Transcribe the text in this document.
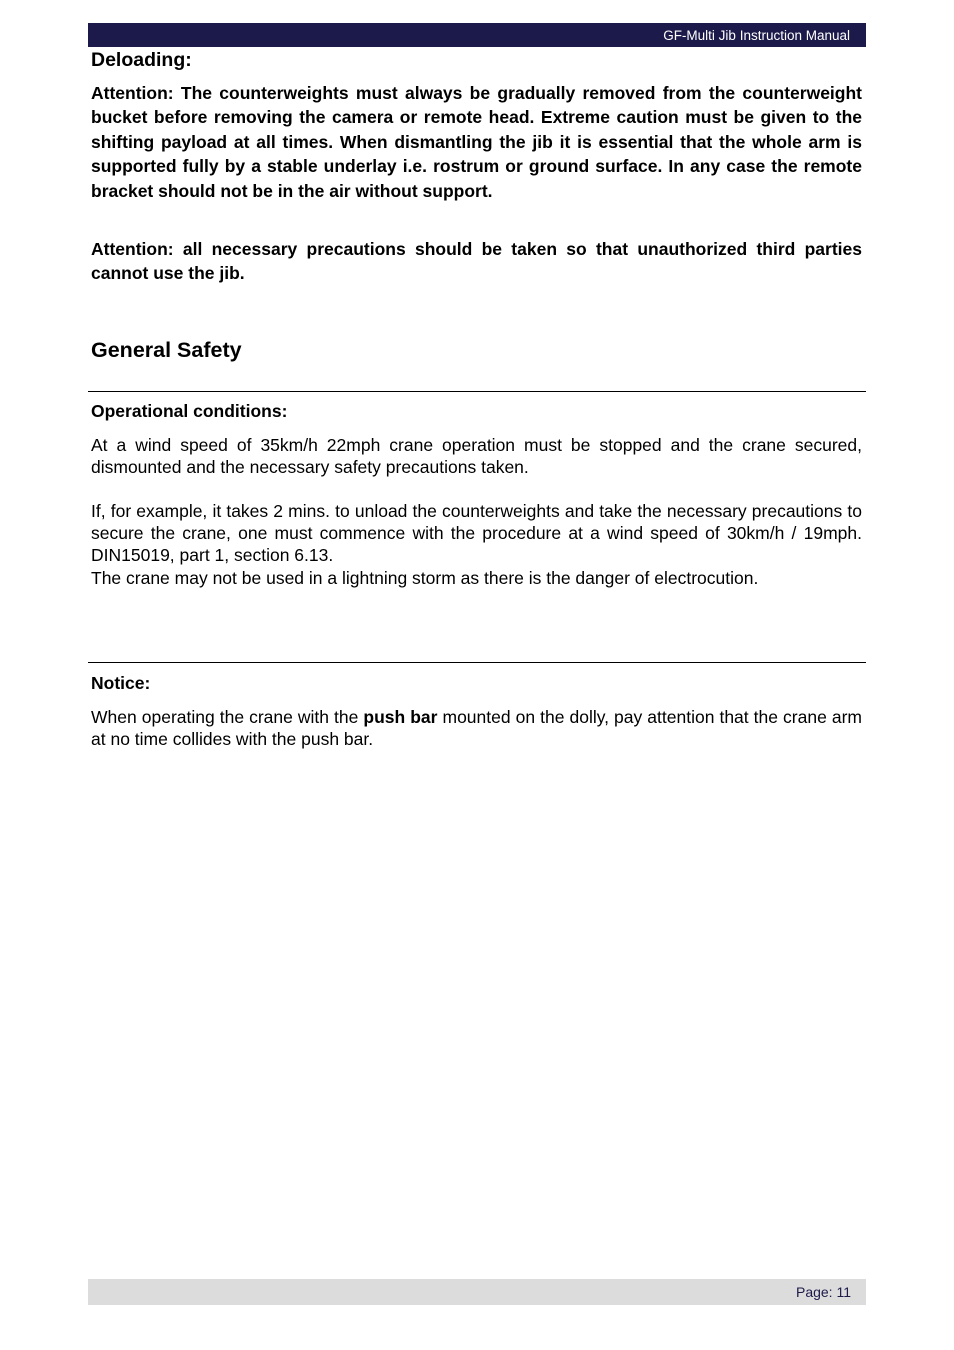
GF-Multi Jib Instruction Manual
Deloading:

Attention: The counterweights must always be gradually removed from the counterweight bucket before removing the camera or remote head. Extreme caution must be given to the shifting payload at all times. When dismantling the jib it is essential that the whole arm is supported fully by a stable underlay i.e. rostrum or ground surface. In any case the remote bracket should not be in the air without support.

Attention: all necessary precautions should be taken so that unauthorized third parties cannot use the jib.

General Safety
Operational conditions:

At a wind speed of 35km/h 22mph crane operation must be stopped and the crane secured, dismounted and the necessary safety precautions taken.

If, for example, it takes 2 mins. to unload the counterweights and take the necessary precautions to secure the crane, one must commence with the procedure at a wind speed of 30km/h / 19mph. DIN15019, part 1, section 6.13.

The crane may not be used in a lightning storm as there is the danger of electrocution.

Notice:

When operating the crane with the push bar mounted on the dolly, pay attention that the crane arm at no time collides with the push bar.

Page: 11
